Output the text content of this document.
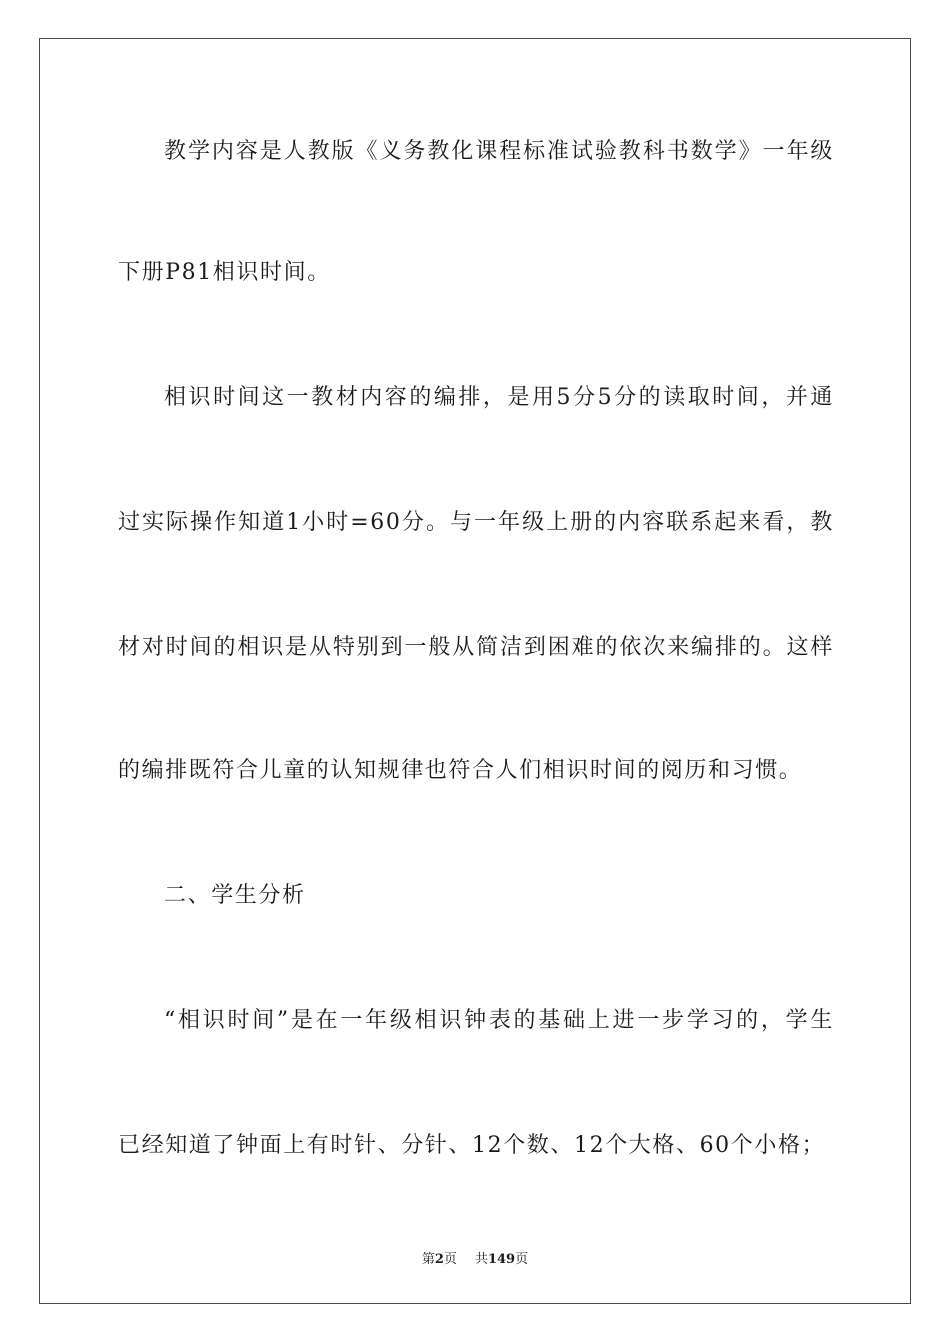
教学内容是人教版《义务教化课程标准试验教科书数学》一年级
下册P81相识时间。
相识时间这一教材内容的编排，是用5分5分的读取时间，并通
过实际操作知道1小时=60分。与一年级上册的内容联系起来看，教
材对时间的相识是从特别到一般从简洁到困难的依次来编排的。这样
的编排既符合儿童的认知规律也符合人们相识时间的阅历和习惯。
二、学生分析
“相识时间”是在一年级相识钟表的基础上进一步学习的，学生
已经知道了钟面上有时针、分针、12个数、12个大格、60个小格；
第2页 共149页
